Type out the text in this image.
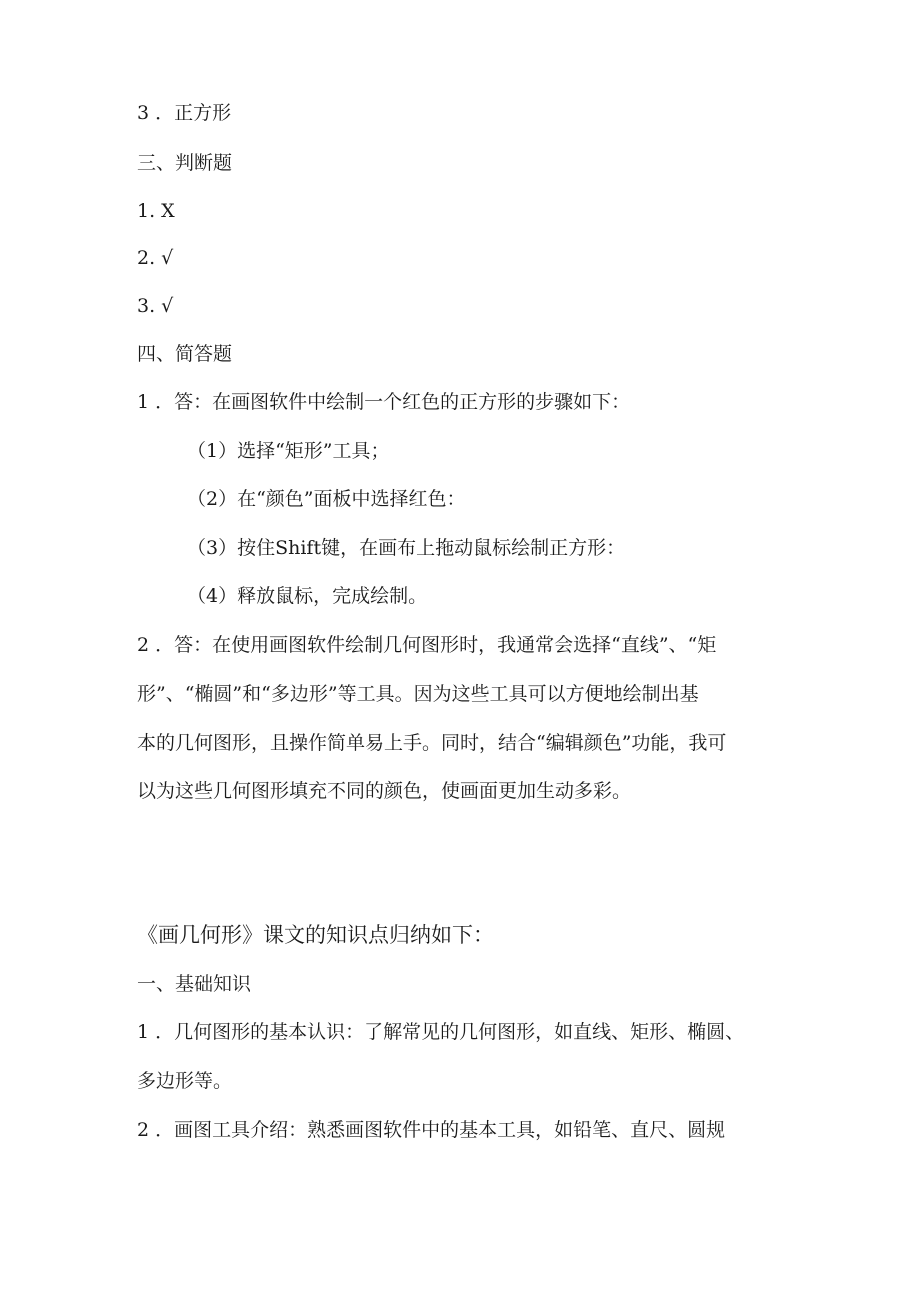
3 ．正方形
三、判断题
1. X
2. √
3. √
四、简答题
1 ．答：在画图软件中绘制一个红色的正方形的步骤如下：
（1）选择“矩形”工具；
（2）在“颜色”面板中选择红色：
（3）按住Shift键，在画布上拖动鼠标绘制正方形：
（4）释放鼠标，完成绘制。
2 ．答：在使用画图软件绘制几何图形时，我通常会选择“直线”、“矩
形”、“椭圆”和“多边形”等工具。因为这些工具可以方便地绘制出基
本的几何图形，且操作简单易上手。同时，结合“编辑颜色”功能，我可
以为这些几何图形填充不同的颜色，使画面更加生动多彩。
《画几何形》课文的知识点归纳如下：
一、基础知识
1 ．几何图形的基本认识：了解常见的几何图形，如直线、矩形、椭圆、
多边形等。
2 ．画图工具介绍：熟悉画图软件中的基本工具，如铅笔、直尺、圆规
